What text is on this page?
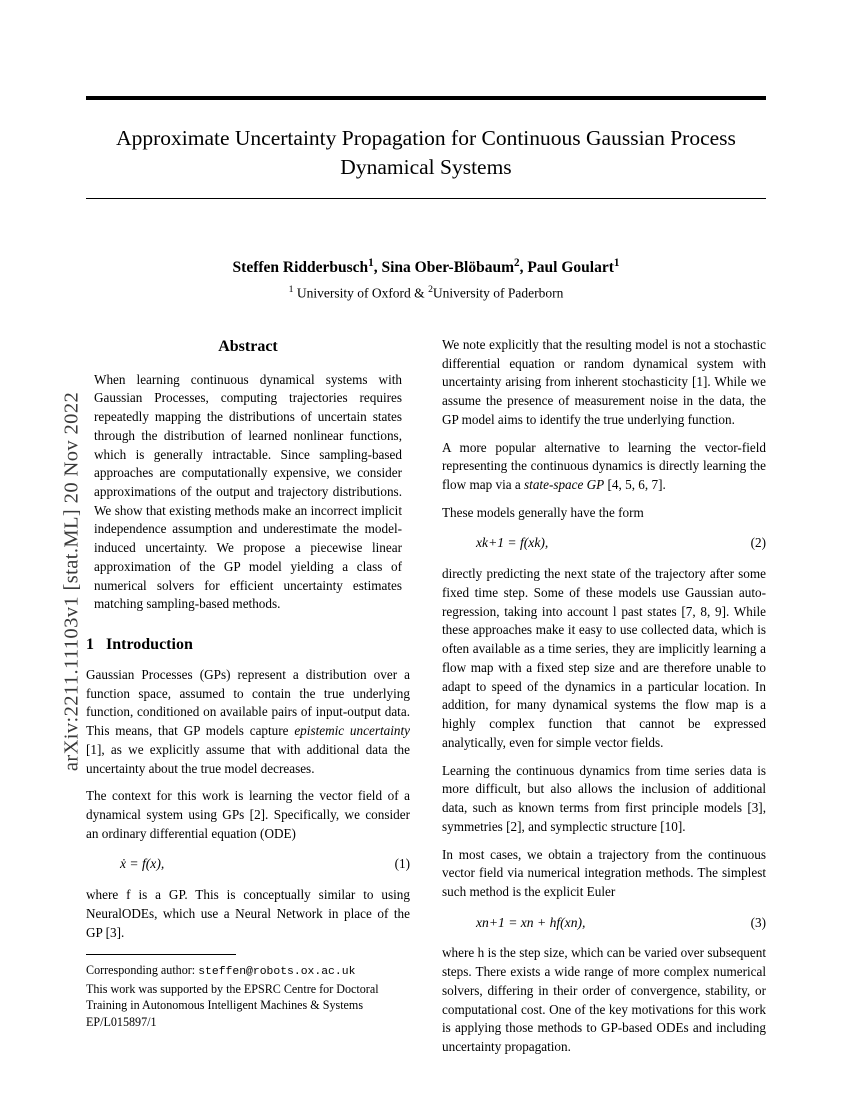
arXiv:2211.11103v1 [stat.ML] 20 Nov 2022
Approximate Uncertainty Propagation for Continuous Gaussian Process Dynamical Systems
Steffen Ridderbusch$^1$, Sina Ober-Blöbaum$^2$, Paul Goulart$^1$
$^1$ University of Oxford & $^2$University of Paderborn
Abstract

When learning continuous dynamical systems with Gaussian Processes, computing trajectories requires repeatedly mapping the distributions of uncertain states through the distribution of learned nonlinear functions, which is generally intractable. Since sampling-based approaches are computationally expensive, we consider approximations of the output and trajectory distributions. We show that existing methods make an incorrect implicit independence assumption and underestimate the model-induced uncertainty. We propose a piecewise linear approximation of the GP model yielding a class of numerical solvers for efficient uncertainty estimates matching sampling-based methods.

1 Introduction

Gaussian Processes (GPs) represent a distribution over a function space, assumed to contain the true underlying function, conditioned on available pairs of input-output data. This means, that GP models capture epistemic uncertainty [1], as we explicitly assume that with additional data the uncertainty about the true model decreases.

The context for this work is learning the vector field of a dynamical system using GPs [2]. Specifically, we consider an ordinary differential equation (ODE)

ẋ = f(x),	(1)

where f is a GP. This is conceptually similar to using NeuralODEs, which use a Neural Network in place of the GP [3].

Corresponding author: steffen@robots.ox.ac.uk
This work was supported by the EPSRC Centre for Doctoral Training in Autonomous Intelligent Machines & Systems EP/L015897/1

We note explicitly that the resulting model is not a stochastic differential equation or random dynamical system with uncertainty arising from inherent stochasticity [1]. While we assume the presence of measurement noise in the data, the GP model aims to identify the true underlying function.

A more popular alternative to learning the vector-field representing the continuous dynamics is directly learning the flow map via a state-space GP [4, 5, 6, 7].

These models generally have the form

xk+1 = f(xk),	(2)

directly predicting the next state of the trajectory after some fixed time step. Some of these models use Gaussian auto-regression, taking into account l past states [7, 8, 9]. While these approaches make it easy to use collected data, which is often available as a time series, they are implicitly learning a flow map with a fixed step size and are therefore unable to adapt to speed of the dynamics in a particular location. In addition, for many dynamical systems the flow map is a highly complex function that cannot be expressed analytically, even for simple vector fields.

Learning the continuous dynamics from time series data is more difficult, but also allows the inclusion of additional data, such as known terms from first principle models [3], symmetries [2], and symplectic structure [10].

In most cases, we obtain a trajectory from the continuous vector field via numerical integration methods. The simplest such method is the explicit Euler

xn+1 = xn + hf(xn),	(3)

where h is the step size, which can be varied over subsequent steps. There exists a wide range of more complex numerical solvers, differing in their order of convergence, stability, or computational cost. One of the key motivations for this work is applying those methods to GP-based ODEs and including uncertainty propagation.
